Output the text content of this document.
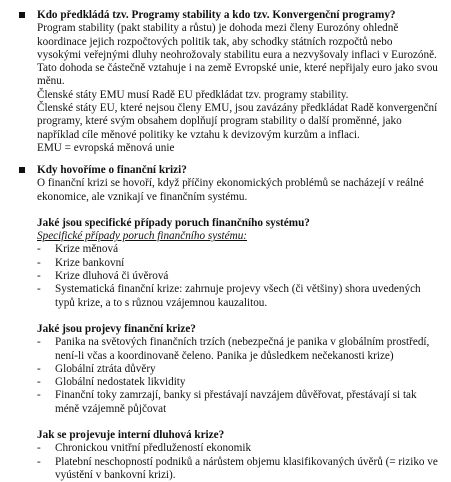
Kdo předkládá tzv. Programy stability a kdo tzv. Konvergenční programy?
Program stability (pakt stability a růstu) je dohoda mezi členy Eurozóny ohledně
koordinace jejich rozpočtových politik tak, aby schodky státních rozpočtů nebo
vysokými veřejnými dluhy neohrožovaly stabilitu eura a nezvyšovaly inflaci v Eurozóně.
Tato dohoda se částečně vztahuje i na země Evropské unie, které nepřijaly euro jako svou
měnu.
Členské státy EMU musí Radě EU předkládat tzv. programy stability.
Členské státy EU, které nejsou členy EMU, jsou zavázány předkládat Radě konvergenční
programy, které svým obsahem doplňují program stability o další proměnné, jako
například cíle měnové politiky ke vztahu k devizovým kurzům a inflaci.
EMU = evropská měnová unie
Kdy hovoříme o finanční krizi?
O finanční krizi se hovoří, když příčiny ekonomických problémů se nacházejí v reálné
ekonomice, ale vznikají ve finančním systému.
Jaké jsou specifické případy poruch finančního systému?
Specifické případy poruch finančního systému:
- Krize měnová
- Krize bankovní
- Krize dluhová či úvěrová
- Systematická finanční krize: zahrnuje projevy všech (či většiny) shora uvedených
typů krize, a to s různou vzájemnou kauzalitou.
Jaké jsou projevy finanční krize?
- Panika na světových finančních trzích (nebezpečná je panika v globálním prostředí,
není-li včas a koordinovaně čeleno. Panika je důsledkem nečekanosti krize)
- Globální ztráta důvěry
- Globální nedostatek likvidity
- Finanční toky zamrzají, banky si přestávají navzájem důvěřovat, přestávají si tak
méně vzájemně půjčovat
Jak se projevuje interní dluhová krize?
- Chronickou vnitřní předlužeností ekonomik
- Platební neschopností podniků a nárůstem objemu klasifikovaných úvěrů (= riziko ve
vyústění v bankovní krizi).
